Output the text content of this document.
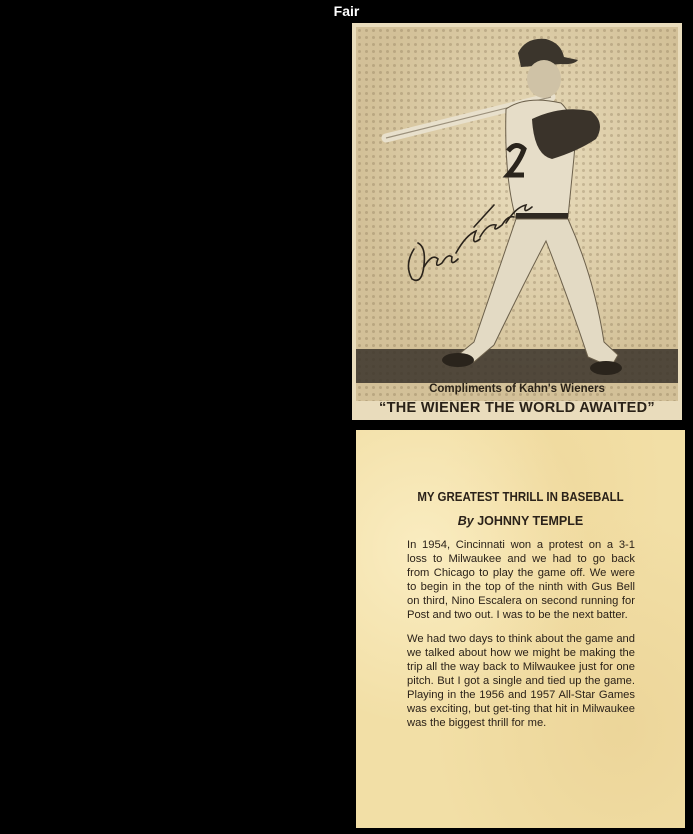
Fair
Compliments of Kahn's Wieners
“THE WIENER THE WORLD AWAITED”
MY GREATEST THRILL IN BASEBALL
By JOHNNY TEMPLE

In 1954, Cincinnati won a protest on a 3-1 loss to Milwaukee and we had to go back from Chicago to play the game off. We were to begin in the top of the ninth with Gus Bell on third, Nino Escalera on second running for Post and two out. I was to be the next batter.

We had two days to think about the game and we talked about how we might be making the trip all the way back to Milwaukee just for one pitch. But I got a single and tied up the game. Playing in the 1956 and 1957 All-Star Games was exciting, but get-ting that hit in Milwaukee was the biggest thrill for me.
